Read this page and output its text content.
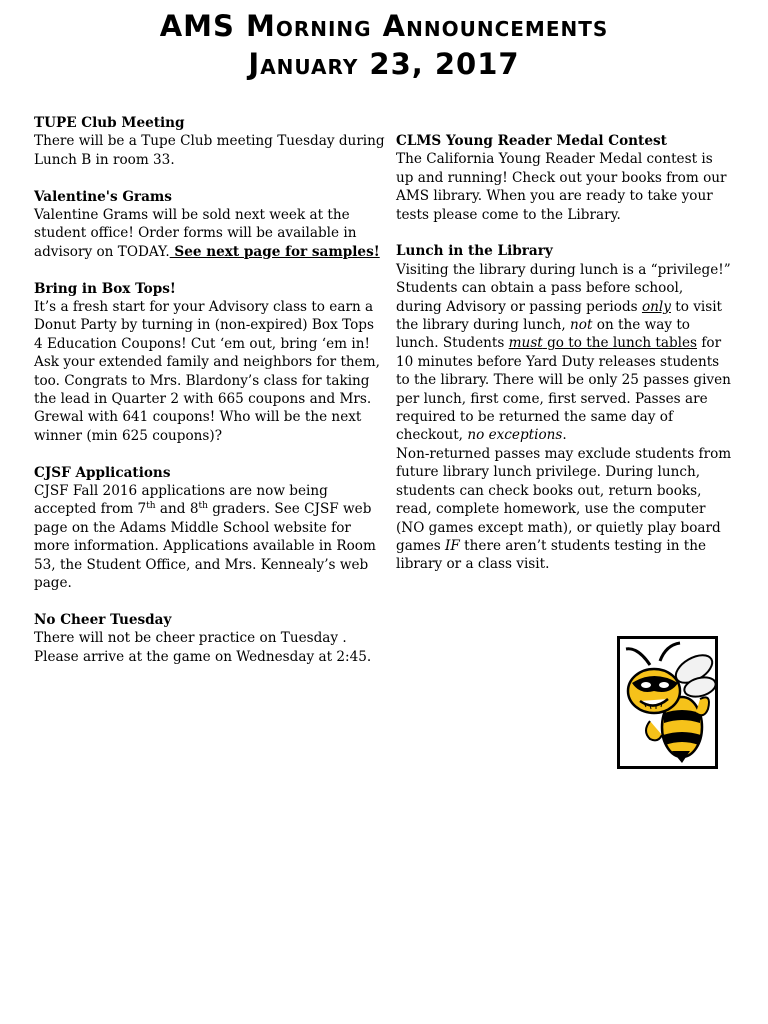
AMS Morning Announcements
January 23, 2017
TUPE Club Meeting

There will be a Tupe Club meeting Tuesday during Lunch B in room 33.

Valentine's Grams

Valentine Grams will be sold next week at the student office! Order forms will be available in advisory on TODAY. See next page for samples!

Bring in Box Tops!

It’s a fresh start for your Advisory class to earn a Donut Party by turning in (non-expired) Box Tops 4 Education Coupons! Cut ‘em out, bring ‘em in! Ask your extended family and neighbors for them, too. Congrats to Mrs. Blardony’s class for taking the lead in Quarter 2 with 665 coupons and Mrs. Grewal with 641 coupons! Who will be the next winner (min 625 coupons)?

CJSF Applications

CJSF Fall 2016 applications are now being accepted from 7th and 8th graders. See CJSF web page on the Adams Middle School website for more information. Applications available in Room 53, the Student Office, and Mrs. Kennealy’s web page.

No Cheer Tuesday

There will not be cheer practice on Tuesday . Please arrive at the game on Wednesday at 2:45.

CLMS Young Reader Medal Contest

The California Young Reader Medal contest is up and running! Check out your books from our AMS library. When you are ready to take your tests please come to the Library.

Lunch in the Library

Visiting the library during lunch is a “privilege!” Students can obtain a pass before school, during Advisory or passing periods only to visit the library during lunch, not on the way to lunch. Students must go to the lunch tables for 10 minutes before Yard Duty releases students to the library. There will be only 25 passes given per lunch, first come, first served. Passes are required to be returned the same day of checkout, no exceptions.

Non-returned passes may exclude students from future library lunch privilege. During lunch, students can check books out, return books, read, complete homework, use the computer (NO games except math), or quietly play board games IF there aren’t students testing in the library or a class visit.
